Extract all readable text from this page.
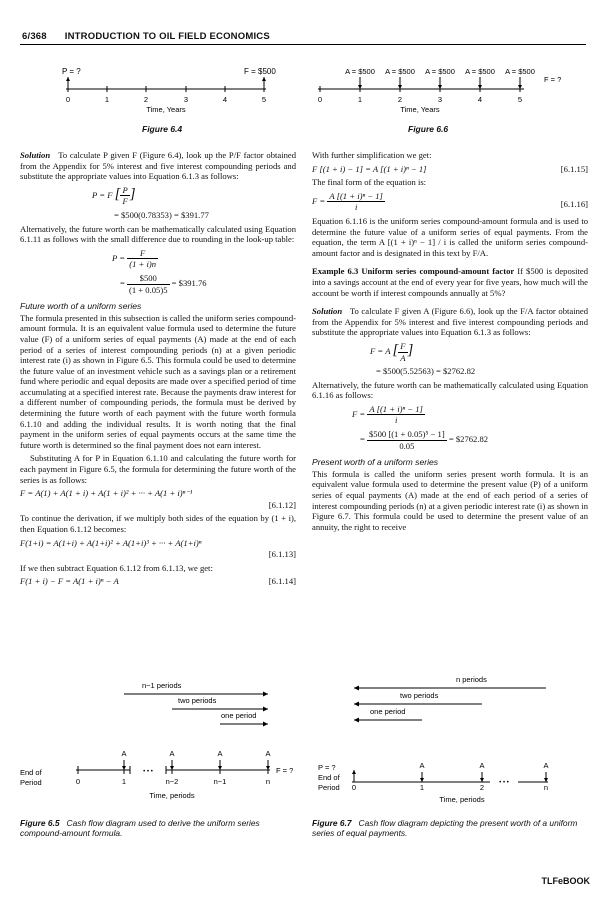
6/368 INTRODUCTION TO OIL FIELD ECONOMICS
P = ?	F = $500
0	1	2	3	4	5
Time, Years
Figure 6.4
A = $500 A = $500 A = $500 A = $500 A = $500
F = ?
0	1	2	3	4	5
Time, Years
Figure 6.6

Solution To calculate P given F (Figure 6.4), look up the P/F factor obtained from the Appendix for 5% interest and five interest compounding periods and substitute the appropriate values into Equation 6.1.3 as follows:

P = F [ $\frac{P}{F}$ ]
= $500(0.78353) = $391.77

Alternatively, the future worth can be mathematically calculated using Equation 6.1.11 as follows with the small difference due to rounding in the look-up table:

$P = \frac{F}{(1 + i)n}$
= $\frac{\$500}{(1 + 0.05)5}$ = $391.76
Future worth of a uniform series

The formula presented in this subsection is called the uniform series compound-amount formula. It is an equivalent value formula used to determine the future value (F) of a uniform series of equal payments (A) made at the end of each period of a series of interest compounding periods (n) at a given periodic interest rate (i) as shown in Figure 6.5. This formula could be used to determine the future value of an investment vehicle such as a savings plan or a retirement fund where periodic and equal deposits are made over a specified period of time accumulating at a specified interest rate. Because the payments draw interest for a different number of compounding periods, the formula must be derived by determining the future worth of each payment with the future worth formula 6.1.10 and adding the individual results. It is worth noting that the final payment in the uniform series of equal payments occurs at the same time the future worth is determined so the final payment does not earn interest.

Substituting A for P in Equation 6.1.10 and calculating the future worth for each payment in Figure 6.5, the formula for determining the future worth of the series is as follows:

F = A(1) + A(1 + i) + A(1 + i)² + ··· + A(1 + i)ⁿ⁻¹
[6.1.12]

To continue the derivation, if we multiply both sides of the equation by (1 + i), then Equation 6.1.12 becomes:

F(1+i) = A(1+i) + A(1+i)² + A(1+i)³ + ··· + A(1+i)ⁿ
[6.1.13]

If we then subtract Equation 6.1.12 from 6.1.13, we get:

F(1 + i) − F = A(1 + i)ⁿ − A	[6.1.14]

With further simplification we get:

F [(1 + i) − 1] = A [(1 + i)ⁿ − 1]	[6.1.15]

The final form of the equation is:

$F = \frac{\text{A [(1 + i)ⁿ − 1]}}{i}$	[6.1.16]

Equation 6.1.16 is the uniform series compound-amount formula and is used to determine the future value of a uniform series of equal payments. From the equation, the term A [(1 + i)ⁿ − 1] / i is called the uniform series compound-amount factor and is designated in this text by F/A.

Example 6.3 Uniform series compound-amount factor If $500 is deposited into a savings account at the end of every year for five years, how much will the account be worth if interest compounds annually at 5%?

Solution To calculate F given A (Figure 6.6), look up the F/A factor obtained from the Appendix for 5% interest and five interest compounding periods and substitute the appropriate values into Equation 6.1.3 as follows:

F = A [ $\frac{F}{A}$ ]
= $500(5.52563) = $2762.82

Alternatively, the future worth can be mathematically calculated using Equation 6.1.16 as follows:

$F = \frac{\text{A [(1 + i)ⁿ − 1]}}{i}$
= $\frac{\text{\$500 [(1 + 0.05)⁵ − 1]}}{0.05}$ = $2762.82
Present worth of a uniform series

This formula is called the uniform series present worth formula. It is an equivalent value formula used to determine the present value (P) of a uniform series of equal payments (A) made at the end of each period of a series of interest compounding periods (n) at a given periodic interest rate (i) as shown in Figure 6.7. This formula could be used to determine the present value of an annuity, the right to receive

n−1 periods
two periods
one period
A	A	A	A
End of
Period
F = ?
0	1
• • •
n−2	n−1	n
Time, periods
Figure 6.5 Cash flow diagram used to derive the uniform series compound-amount formula.
n periods
two periods
one period
A	A	A
P = ?
End of
Period 0	1	2	• • •	n
Time, periods
Figure 6.7 Cash flow diagram depicting the present worth of a uniform series of equal payments.
TLFeBOOK
